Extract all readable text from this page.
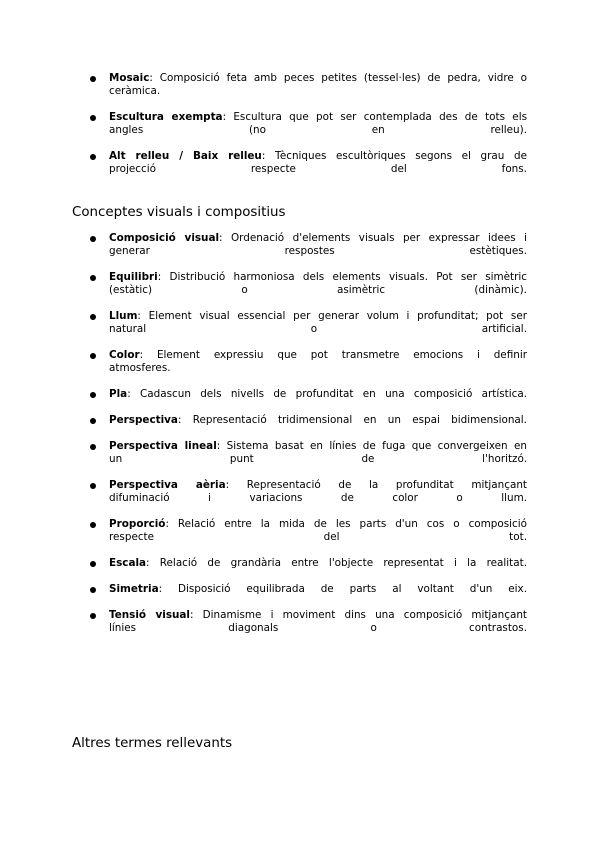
Mosaic: Composició feta amb peces petites (tessel·les) de pedra, vidre o
ceràmica.
Escultura exempta: Escultura que pot ser contemplada des de tots els
angles (no en relleu).
Alt relleu / Baix relleu: Tècniques escultòriques segons el grau de
projecció respecte del fons.
Conceptes visuals i compositius
Composició visual: Ordenació d'elements visuals per expressar idees i
generar respostes estètiques.
Equilibri: Distribució harmoniosa dels elements visuals. Pot ser simètric
(estàtic) o asimètric (dinàmic).
Llum: Element visual essencial per generar volum i profunditat; pot ser
natural o artificial.
Color: Element expressiu que pot transmetre emocions i definir
atmosferes.
Pla: Cadascun dels nivells de profunditat en una composició artística.
Perspectiva: Representació tridimensional en un espai bidimensional.
Perspectiva lineal: Sistema basat en línies de fuga que convergeixen en
un punt de l'horitzó.
Perspectiva aèria: Representació de la profunditat mitjançant
difuminació i variacions de color o llum.
Proporció: Relació entre la mida de les parts d'un cos o composició
respecte del tot.
Escala: Relació de grandària entre l'objecte representat i la realitat.
Simetria: Disposició equilibrada de parts al voltant d'un eix.
Tensió visual: Dinamisme i moviment dins una composició mitjançant
línies diagonals o contrastos.
Altres termes rellevants
